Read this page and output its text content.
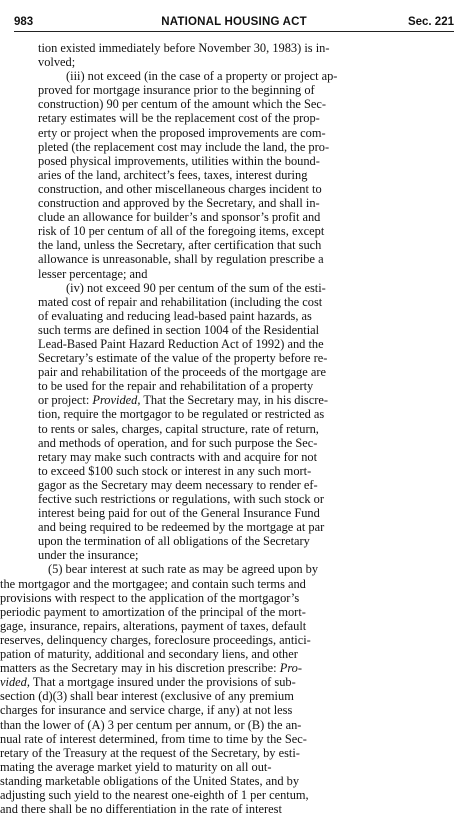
983	NATIONAL HOUSING ACT	Sec. 221
tion existed immediately before November 30, 1983) is in-
volved;
(iii) not exceed (in the case of a property or project ap-
proved for mortgage insurance prior to the beginning of
construction) 90 per centum of the amount which the Sec-
retary estimates will be the replacement cost of the prop-
erty or project when the proposed improvements are com-
pleted (the replacement cost may include the land, the pro-
posed physical improvements, utilities within the bound-
aries of the land, architect’s fees, taxes, interest during
construction, and other miscellaneous charges incident to
construction and approved by the Secretary, and shall in-
clude an allowance for builder’s and sponsor’s profit and
risk of 10 per centum of all of the foregoing items, except
the land, unless the Secretary, after certification that such
allowance is unreasonable, shall by regulation prescribe a
lesser percentage; and
(iv) not exceed 90 per centum of the sum of the esti-
mated cost of repair and rehabilitation (including the cost
of evaluating and reducing lead-based paint hazards, as
such terms are defined in section 1004 of the Residential
Lead-Based Paint Hazard Reduction Act of 1992) and the
Secretary’s estimate of the value of the property before re-
pair and rehabilitation of the proceeds of the mortgage are
to be used for the repair and rehabilitation of a property
or project: Provided, That the Secretary may, in his discre-
tion, require the mortgagor to be regulated or restricted as
to rents or sales, charges, capital structure, rate of return,
and methods of operation, and for such purpose the Sec-
retary may make such contracts with and acquire for not
to exceed $100 such stock or interest in any such mort-
gagor as the Secretary may deem necessary to render ef-
fective such restrictions or regulations, with such stock or
interest being paid for out of the General Insurance Fund
and being required to be redeemed by the mortgage at par
upon the termination of all obligations of the Secretary
under the insurance;
(5) bear interest at such rate as may be agreed upon by
the mortgagor and the mortgagee; and contain such terms and
provisions with respect to the application of the mortgagor’s
periodic payment to amortization of the principal of the mort-
gage, insurance, repairs, alterations, payment of taxes, default
reserves, delinquency charges, foreclosure proceedings, antici-
pation of maturity, additional and secondary liens, and other
matters as the Secretary may in his discretion prescribe: Pro-
vided, That a mortgage insured under the provisions of sub-
section (d)(3) shall bear interest (exclusive of any premium
charges for insurance and service charge, if any) at not less
than the lower of (A) 3 per centum per annum, or (B) the an-
nual rate of interest determined, from time to time by the Sec-
retary of the Treasury at the request of the Secretary, by esti-
mating the average market yield to maturity on all out-
standing marketable obligations of the United States, and by
adjusting such yield to the nearest one-eighth of 1 per centum,
and there shall be no differentiation in the rate of interest
